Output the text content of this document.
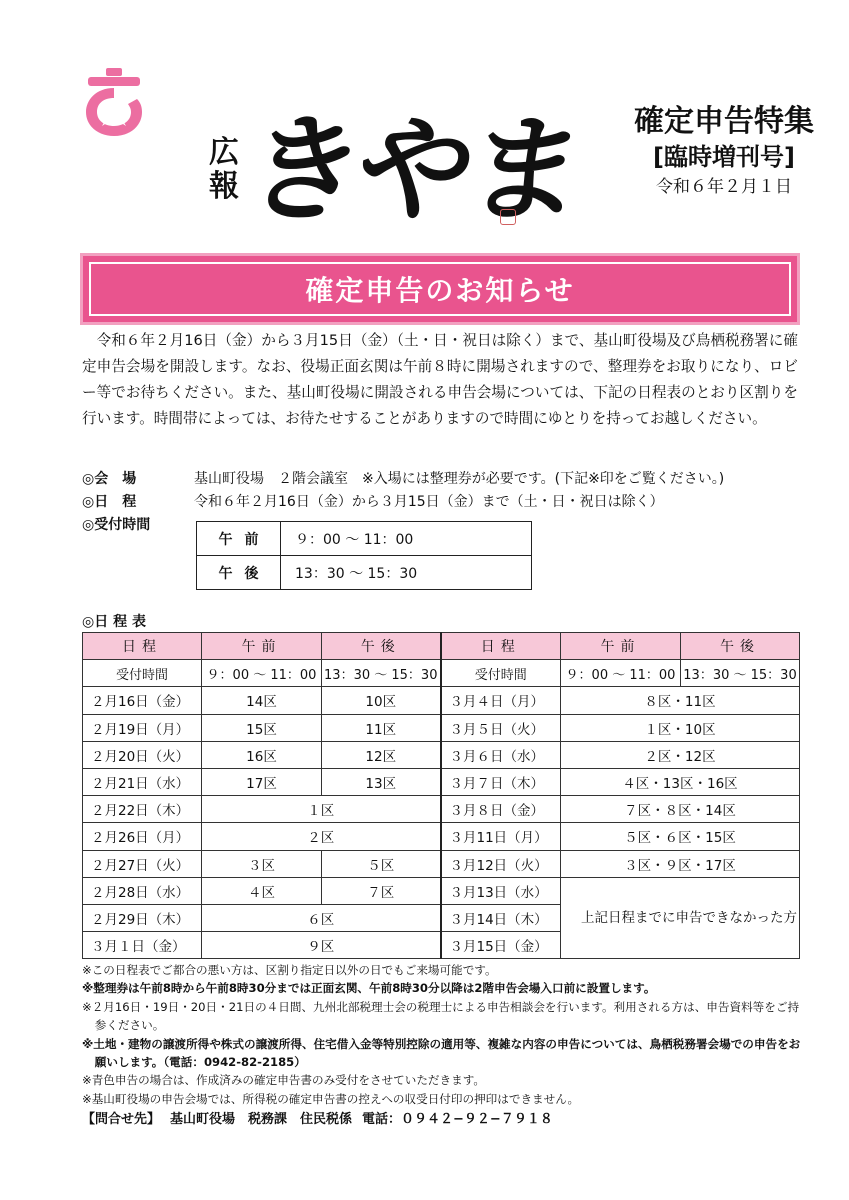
広報 きやま	確定申告特集
[臨時増刊号]
令和６年２月１日
確定申告のお知らせ

令和６年２月16日（金）から３月15日（金）（土・日・祝日は除く）まで、基山町役場及び鳥栖税務署に確定申告会場を開設します。なお、役場正面玄関は午前８時に開場されますので、整理券をお取りになり、ロビー等でお待ちください。また、基山町役場に開設される申告会場については、下記の日程表のとおり区割りを行います。時間帯によっては、お待たせすることがありますので時間にゆとりを持ってお越しください。

◎会　場	基山町役場　２階会議室　※入場には整理券が必要です。(下記※印をご覧ください。)
◎日　程	令和６年２月16日（金）から３月15日（金）まで（土・日・祝日は除く）
◎受付時間
午前	９：00 ～ 11：00
午後	13：30 ～ 15：30
◎日 程 表
日程	午前	午後	日程	午前	午後
受付時間	９：00 ～ 11：00	13：30 ～ 15：30	受付時間	９：00 ～ 11：00	13：30 ～ 15：30
２月16日（金）	14区	10区	３月４日（月）	８区・11区	
２月19日（月）	15区	11区	３月５日（火）	１区・10区	
２月20日（火）	16区	12区	３月６日（水）	２区・12区	
２月21日（水）	17区	13区	３月７日（木）	４区・13区・16区	
２月22日（木）	１区		３月８日（金）	７区・８区・14区	
２月26日（月）	２区		３月11日（月）	５区・６区・15区	
２月27日（火）	３区	５区	３月12日（火）	３区・９区・17区	
２月28日（水）	４区	７区	３月13日（水）	上記日程までに申告できなかった方	
２月29日（木）	６区		３月14日（木）		
３月１日（金）	９区		３月15日（金）		
※この日程表でご都合の悪い方は、区割り指定日以外の日でもご来場可能です。
※整理券は午前8時から午前8時30分までは正面玄関、午前8時30分以降は2階申告会場入口前に設置します。
※２月16日・19日・20日・21日の４日間、九州北部税理士会の税理士による申告相談会を行います。利用される方は、申告資料等をご持参ください。
※土地・建物の譲渡所得や株式の譲渡所得、住宅借入金等特別控除の適用等、複雑な内容の申告については、鳥栖税務署会場での申告をお願いします。（電話：0942-82-2185）
※青色申告の場合は、作成済みの確定申告書のみ受付をさせていただきます。
※基山町役場の申告会場では、所得税の確定申告書の控えへの収受日付印の押印はできません。
【問合せ先】 基山町役場　税務課　住民税係 電話：０９４２−９２−７９１８
